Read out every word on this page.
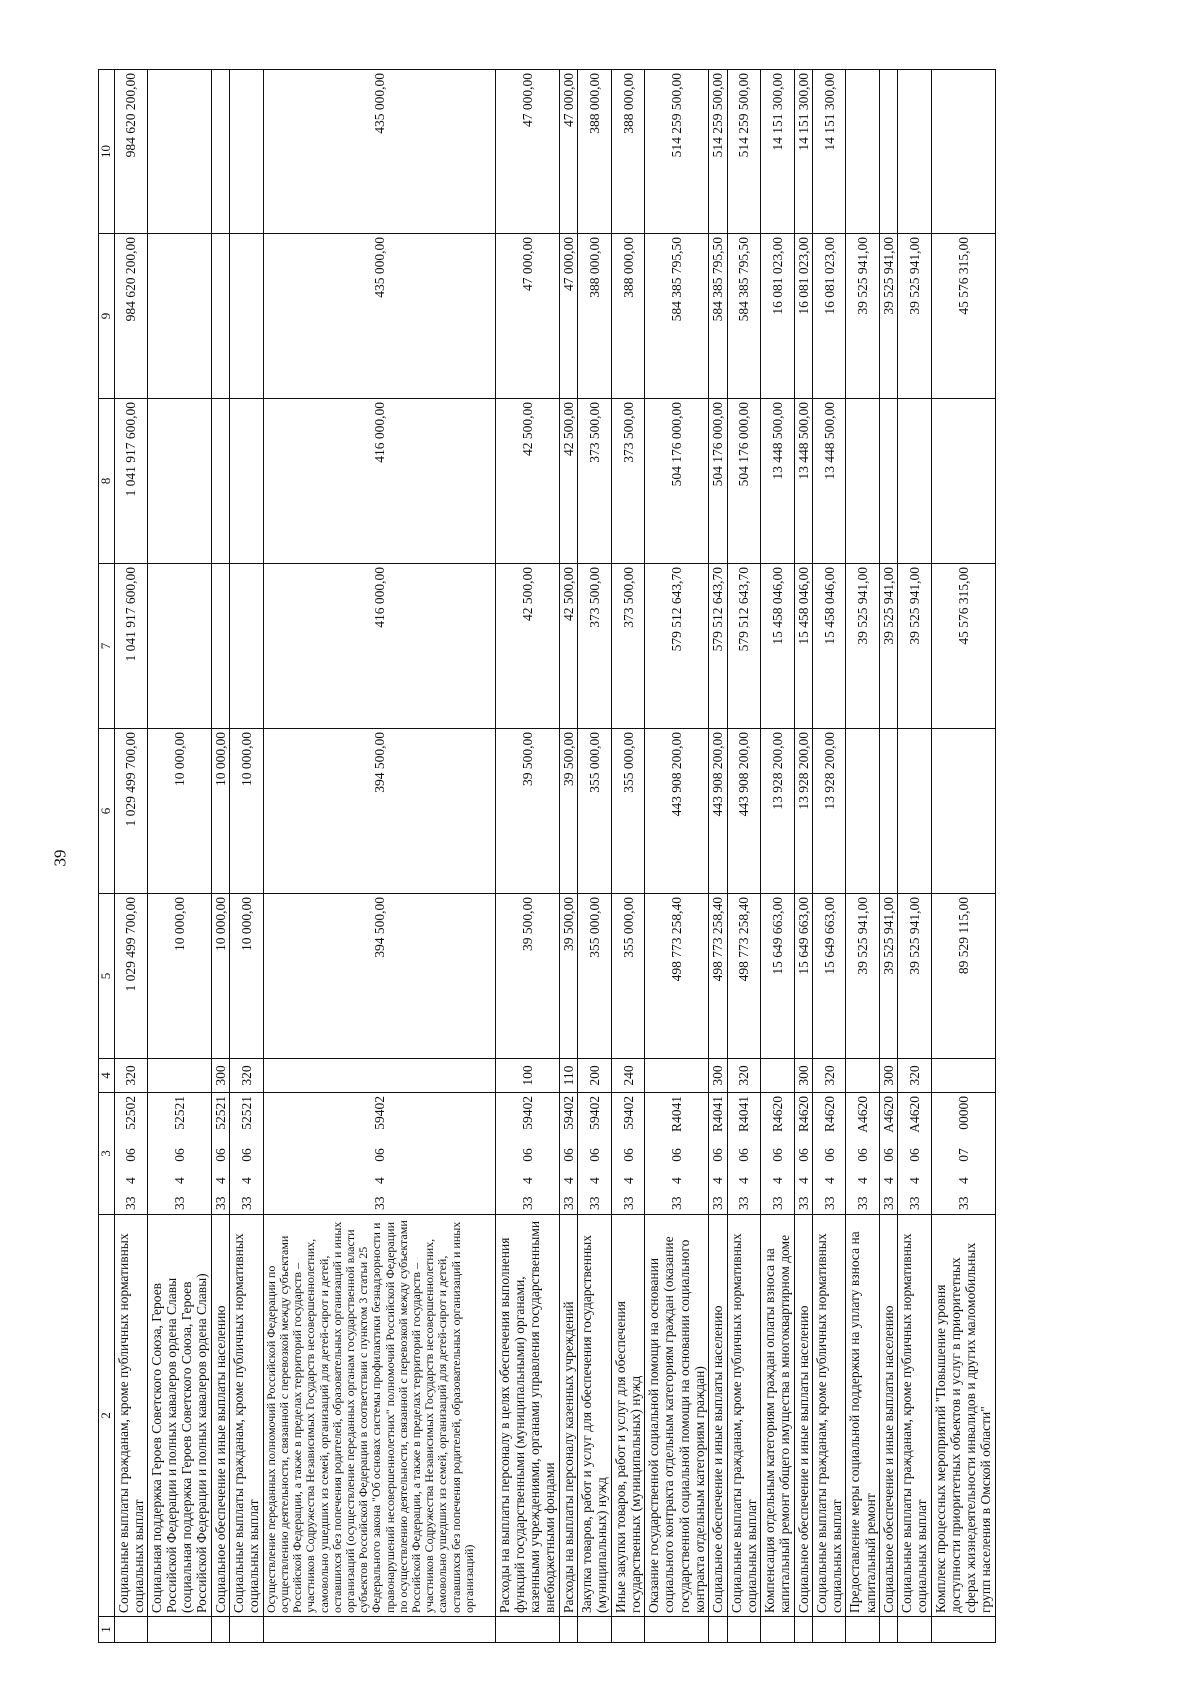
39
1	2	3	4	5	6	7	8	9	10
	Социальные выплаты гражданам, кроме публичных нормативных социальных выплат	3340652502	320	1 029 499 700,00	1 029 499 700,00	1 041 917 600,00	1 041 917 600,00	984 620 200,00	984 620 200,00
	Социальная поддержка Героев Советского Союза, Героев Российской Федерации и полных кавалеров ордена Славы (социальная поддержка Героев Советского Союза, Героев Российской Федерации и полных кавалеров ордена Славы)	3340652521		10 000,00	10 000,00				
	Социальное обеспечение и иные выплаты населению	3340652521	300	10 000,00	10 000,00				
	Социальные выплаты гражданам, кроме публичных нормативных социальных выплат	3340652521	320	10 000,00	10 000,00				
	Осуществление переданных полномочий Российской Федерации по осуществлению деятельности, связанной с перевозкой между субъектами Российской Федерации, а также в пределах территорий государств – участников Содружества Независимых Государств несовершеннолетних, самовольно ушедших из семей, организаций для детей-сирот и детей, оставшихся без попечения родителей, образовательных организаций и иных организаций (осуществление переданных органам государственной власти субъектов Российской Федерации в соответствии с пунктом 3 статьи 25 Федерального закона "Об основах системы профилактики безнадзорности и правонарушений несовершеннолетних" полномочий Российской Федерации по осуществлению деятельности, связанной с перевозкой между субъектами Российской Федерации, а также в пределах территорий государств – участников Содружества Независимых Государств несовершеннолетних, самовольно ушедших из семей, организаций для детей-сирот и детей, оставшихся без попечения родителей, образовательных организаций и иных организаций)	3340659402		394 500,00	394 500,00	416 000,00	416 000,00	435 000,00	435 000,00
	Расходы на выплаты персоналу в целях обеспечения выполнения функций государственными (муниципальными) органами, казенными учреждениями, органами управления государственными внебюджетными фондами	3340659402	100	39 500,00	39 500,00	42 500,00	42 500,00	47 000,00	47 000,00
	Расходы на выплаты персоналу казенных учреждений	3340659402	110	39 500,00	39 500,00	42 500,00	42 500,00	47 000,00	47 000,00
	Закупка товаров, работ и услуг для обеспечения государственных (муниципальных) нужд	3340659402	200	355 000,00	355 000,00	373 500,00	373 500,00	388 000,00	388 000,00
	Иные закупки товаров, работ и услуг для обеспечения государственных (муниципальных) нужд	3340659402	240	355 000,00	355 000,00	373 500,00	373 500,00	388 000,00	388 000,00
	Оказание государственной социальной помощи на основании социального контракта отдельным категориям граждан (оказание государственной социальной помощи на основании социального контракта отдельным категориям граждан)	33406R4041		498 773 258,40	443 908 200,00	579 512 643,70	504 176 000,00	584 385 795,50	514 259 500,00
	Социальное обеспечение и иные выплаты населению	33406R4041	300	498 773 258,40	443 908 200,00	579 512 643,70	504 176 000,00	584 385 795,50	514 259 500,00
	Социальные выплаты гражданам, кроме публичных нормативных социальных выплат	33406R4041	320	498 773 258,40	443 908 200,00	579 512 643,70	504 176 000,00	584 385 795,50	514 259 500,00
	Компенсация отдельным категориям граждан оплаты взноса на капитальный ремонт общего имущества в многоквартирном доме	33406R4620		15 649 663,00	13 928 200,00	15 458 046,00	13 448 500,00	16 081 023,00	14 151 300,00
	Социальное обеспечение и иные выплаты населению	33406R4620	300	15 649 663,00	13 928 200,00	15 458 046,00	13 448 500,00	16 081 023,00	14 151 300,00
	Социальные выплаты гражданам, кроме публичных нормативных социальных выплат	33406R4620	320	15 649 663,00	13 928 200,00	15 458 046,00	13 448 500,00	16 081 023,00	14 151 300,00
	Предоставление меры социальной поддержки на уплату взноса на капитальный ремонт	33406A4620		39 525 941,00		39 525 941,00		39 525 941,00	
	Социальное обеспечение и иные выплаты населению	33406A4620	300	39 525 941,00		39 525 941,00		39 525 941,00	
	Социальные выплаты гражданам, кроме публичных нормативных социальных выплат	33406A4620	320	39 525 941,00		39 525 941,00		39 525 941,00	
	Комплекс процессных мероприятий "Повышение уровня доступности приоритетных объектов и услуг в приоритетных сферах жизнедеятельности инвалидов и других маломобильных групп населения в Омской области"	3340700000		89 529 115,00		45 576 315,00		45 576 315,00	
